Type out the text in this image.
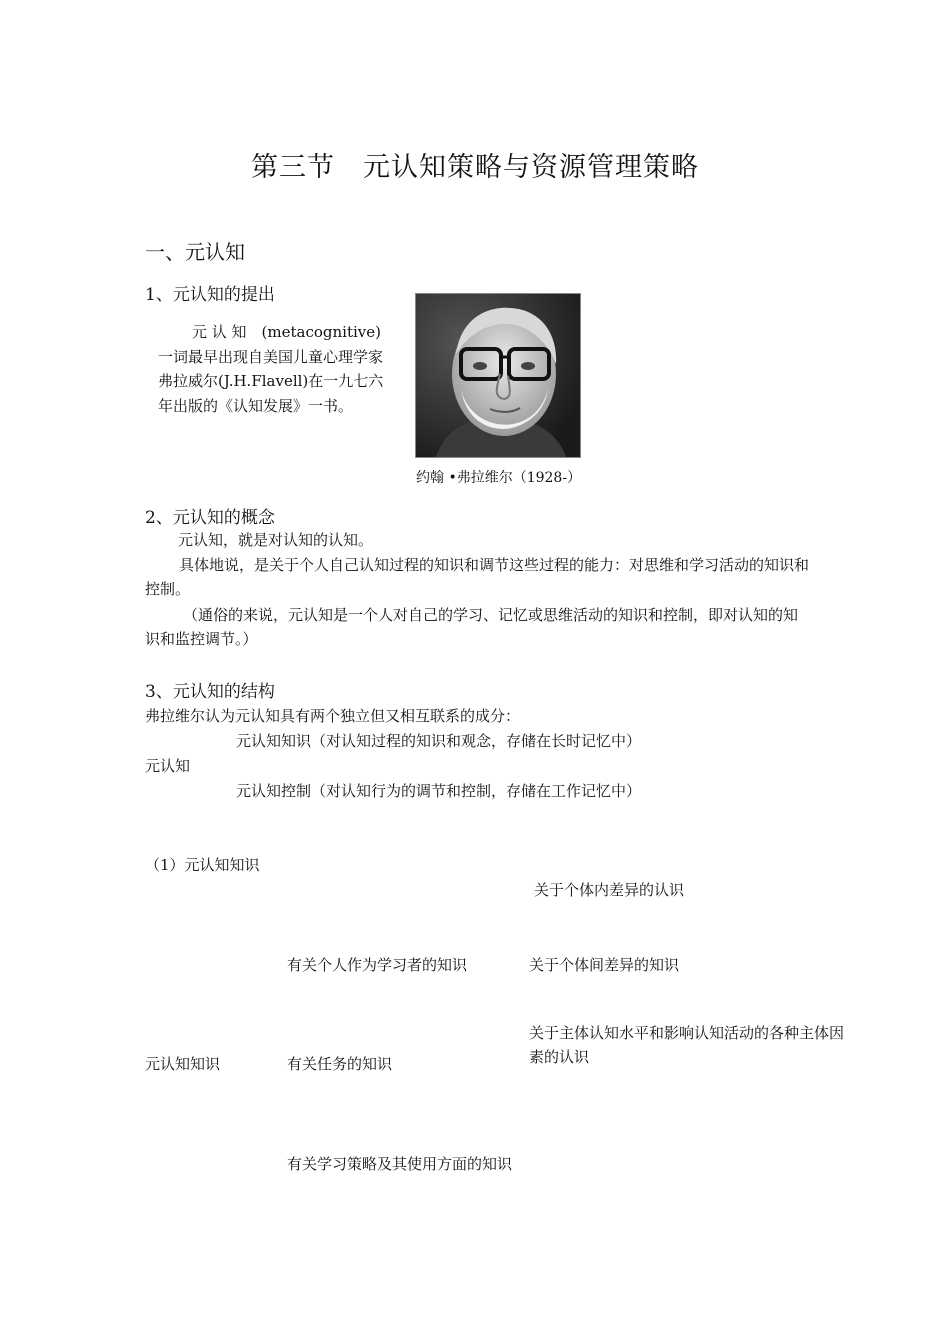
第三节　元认知策略与资源管理策略
一、元认知
1、元认知的提出
元 认 知　(metacognitive)
一词最早出现自美国儿童心理学家弗拉威尔(J.H.Flavell)在一九七六年出版的《认知发展》一书。
约翰 •弗拉维尔（1928-）
2、元认知的概念
元认知，就是对认知的认知。
具体地说，是关于个人自己认知过程的知识和调节这些过程的能力：对思维和学习活动的知识和控制。
（通俗的来说，元认知是一个人对自己的学习、记忆或思维活动的知识和控制，即对认知的知识和监控调节。）
3、元认知的结构
弗拉维尔认为元认知具有两个独立但又相互联系的成分：
元认知知识（对认知过程的知识和观念，存储在长时记忆中）
元认知
元认知控制（对认知行为的调节和控制，存储在工作记忆中）
（1）元认知知识
关于个体内差异的认识
有关个人作为学习者的知识	关于个体间差异的知识
关于主体认知水平和影响认知活动的各种主体因素的认识
元认知知识	有关任务的知识
有关学习策略及其使用方面的知识
